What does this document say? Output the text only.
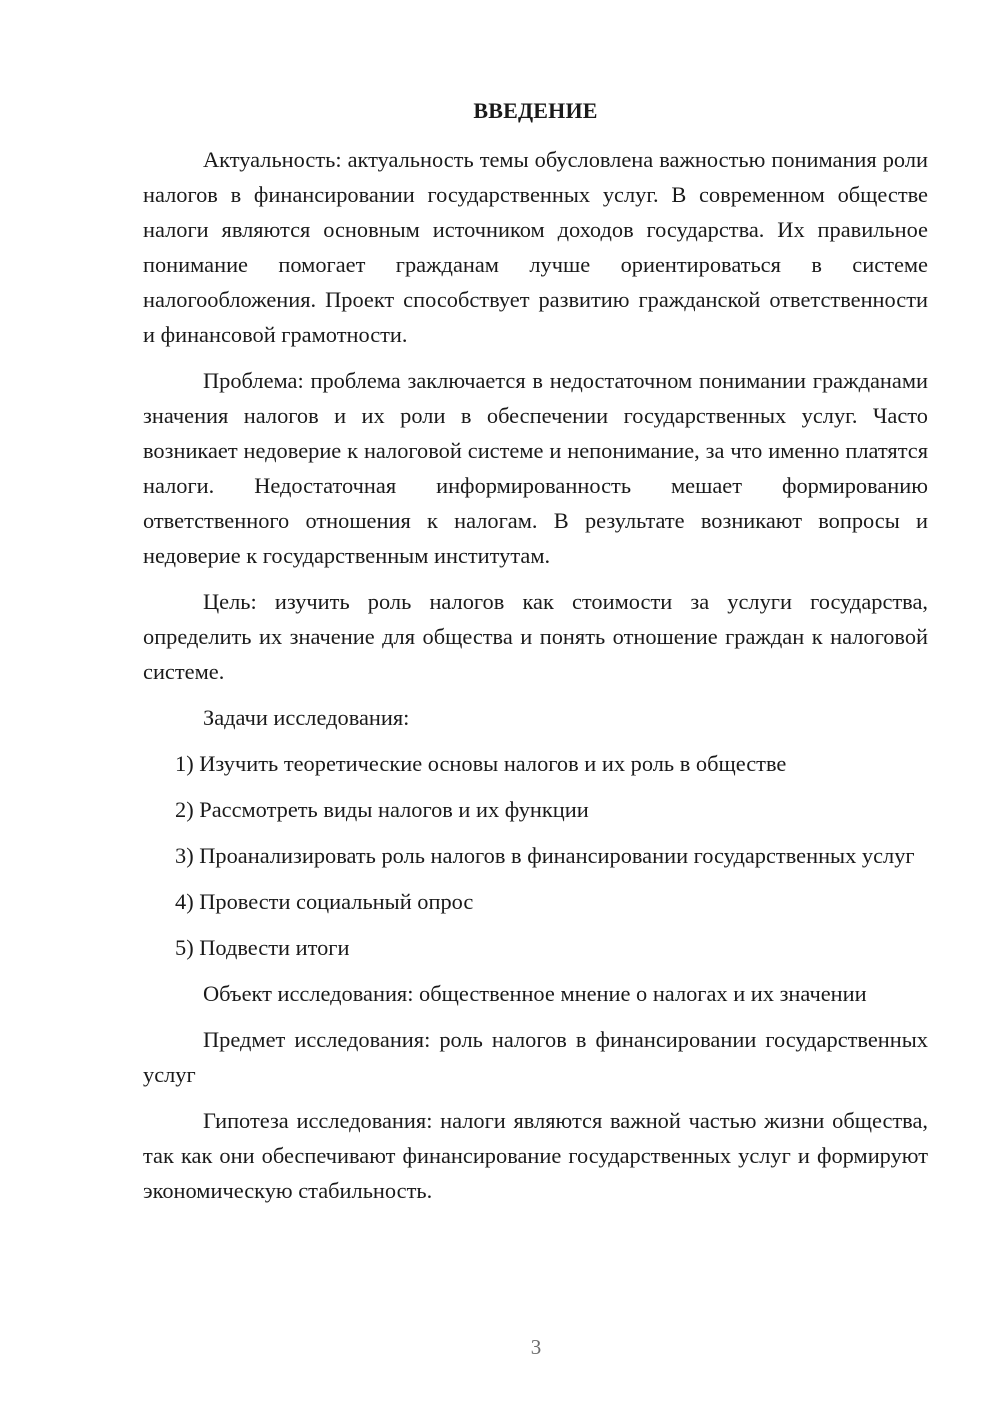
ВВЕДЕНИЕ

Актуальность: актуальность темы обусловлена важностью понимания роли налогов в финансировании государственных услуг. В современном обществе налоги являются основным источником доходов государства. Их правильное понимание помогает гражданам лучше ориентироваться в системе налогообложения. Проект способствует развитию гражданской ответственности и финансовой грамотности.

Проблема: проблема заключается в недостаточном понимании гражданами значения налогов и их роли в обеспечении государственных услуг. Часто возникает недоверие к налоговой системе и непонимание, за что именно платятся налоги. Недостаточная информированность мешает формированию ответственного отношения к налогам. В результате возникают вопросы и недоверие к государственным институтам.

Цель: изучить роль налогов как стоимости за услуги государства, определить их значение для общества и понять отношение граждан к налоговой системе.

Задачи исследования:

1) Изучить теоретические основы налогов и их роль в обществе

2) Рассмотреть виды налогов и их функции

3) Проанализировать роль налогов в финансировании государственных услуг

4) Провести социальный опрос

5) Подвести итоги

Объект исследования: общественное мнение о налогах и их значении

Предмет исследования: роль налогов в финансировании государственных услуг

Гипотеза исследования: налоги являются важной частью жизни общества, так как они обеспечивают финансирование государственных услуг и формируют экономическую стабильность.

3
